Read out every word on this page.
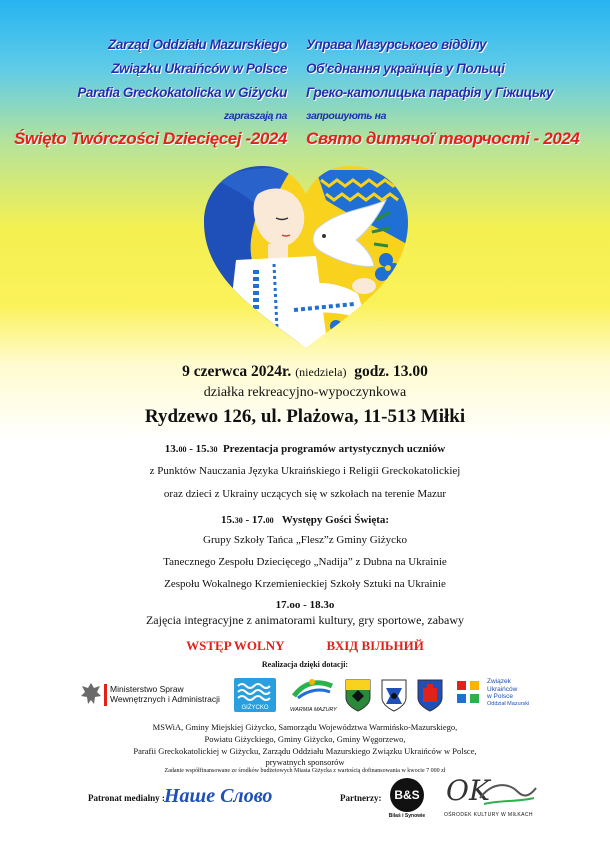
Zarząd Oddziału Mazurskiego
Związku Ukraińców w Polsce
Parafia Greckokatolicka w Giżycku
zapraszają na
Święto Twórczości Dziecięcej -2024
Управа Мазурського відділу
Об'єднання українців у Польщі
Греко-католицька парафія у Гіжицьку
запрошують на
Свято дитячої творчості - 2024
9 czerwca 2024r. (niedziela) godz. 13.00
działka rekreacyjno-wypoczynkowa
Rydzewo 126, ul. Plażowa, 11-513 Miłki
13.00 - 15.30 Prezentacja programów artystycznych uczniów
z Punktów Nauczania Języka Ukraińskiego i Religii Greckokatolickiej
oraz dzieci z Ukrainy uczących się w szkołach na terenie Mazur
15.30 - 17.00 Występy Gości Święta:
Grupy Szkoły Tańca „Flesz”z Gminy Giżycko
Tanecznego Zespołu Dziecięcego „Nadija” z Dubna na Ukrainie
Zespołu Wokalnego Krzemienieckiej Szkoły Sztuki na Ukrainie
17.oo - 18.3o
Zajęcia integracyjne z animatorami kultury, gry sportowe, zabawy
WSTĘP WOLNY	ВХІД ВІЛЬНИЙ
Realizacja dzięki dotacji:
Ministerstwo Spraw
Wewnętrznych i Administracji
GIŻYCKO	WARMIA MAZURY
Związek
Ukraińców
w Polsce
Oddział Mazurski
MSWiA, Gminy Miejskiej Giżycko, Samorządu Województwa Warmińsko-Mazurskiego,
Powiatu Giżyckiego, Gminy Giżycko, Gminy Węgorzewo,
Parafii Greckokatolickiej w Giżycku, Zarządu Oddziału Mazurskiego Związku Ukraińców w Polsce,
prywatnych sponsorów
Zadanie współfinansowane ze środków budżetowych Miasta Giżycka z wartością dofinansowania w kwocie 7 000 zł
Patronat medialny : Наше Слово	Partnerzy:	B&S
Bilaś i Synowie
OK
OŚRODEK KULTURY W MIŁKACH
